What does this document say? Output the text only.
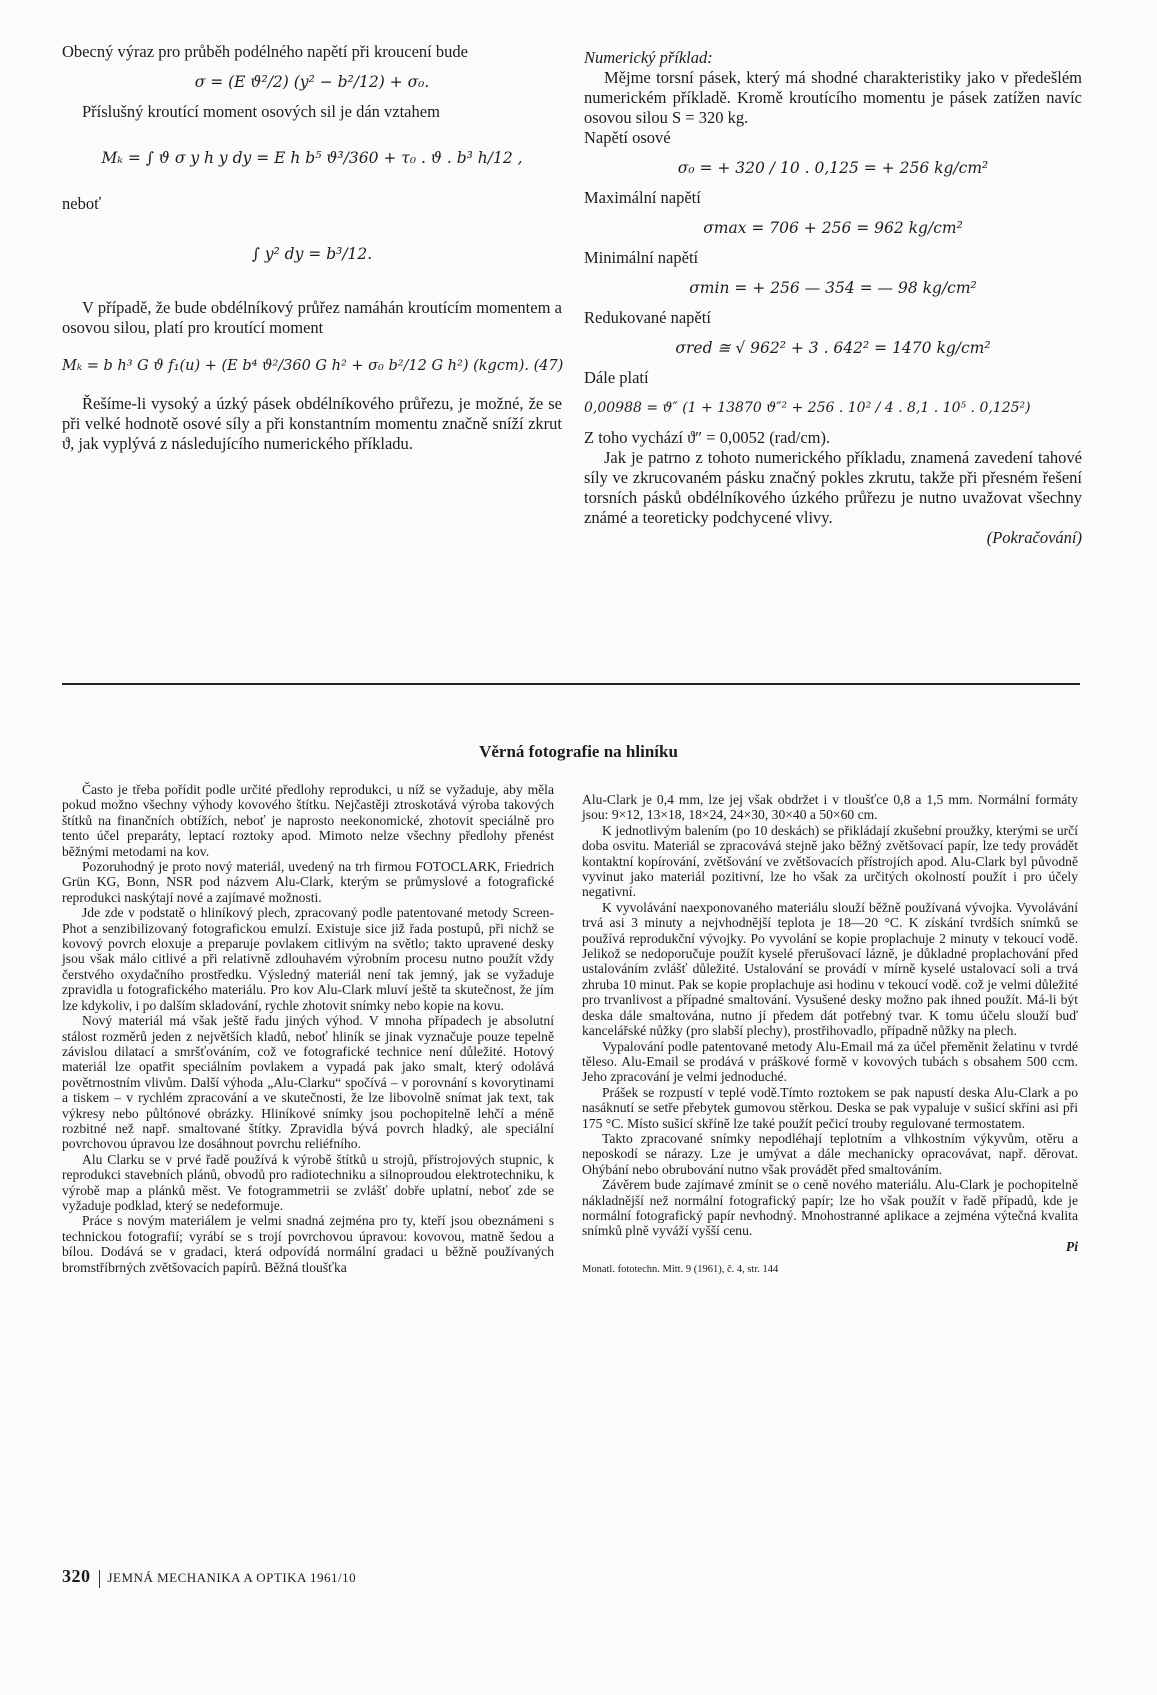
Obecný výraz pro průběh podélného napětí při kroucení bude

σ = (E ϑ²/2) (y² − b²/12) + σ₀.

Příslušný kroutící moment osových sil je dán vztahem

Mₖ = ∫ ϑ σ y h y dy = E h b⁵ ϑ³/360 + τ₀ . ϑ . b³ h/12 ,

neboť

∫ y² dy = b³/12.

V případě, že bude obdélníkový průřez namáhán kroutícím momentem a osovou silou, platí pro kroutící moment

Mₖ = b h³ G ϑ f₁(u) + (E b⁴ ϑ²/360 G h² + σ₀ b²/12 G h²) (kgcm). (47)

Řešíme-li vysoký a úzký pásek obdélníkového průřezu, je možné, že se při velké hodnotě osové síly a při konstantním momentu značně sníží zkrut ϑ, jak vyplývá z následujícího numerického příkladu.

Numerický příklad:

Mějme torsní pásek, který má shodné charakteristiky jako v předešlém numerickém příkladě. Kromě kroutícího momentu je pásek zatížen navíc osovou silou S = 320 kg.

Napětí osové

σ₀ = + 320 / 10 . 0,125 = + 256 kg/cm²

Maximální napětí

σmax = 706 + 256 = 962 kg/cm²

Minimální napětí

σmin = + 256 — 354 = — 98 kg/cm²

Redukované napětí

σred ≅ √ 962² + 3 . 642² = 1470 kg/cm²

Dále platí

0,00988 = ϑ″ (1 + 13870 ϑ″² + 256 . 10² / 4 . 8,1 . 10⁵ . 0,125²)

Z toho vychází ϑ″ = 0,0052 (rad/cm).

Jak je patrno z tohoto numerického příkladu, znamená zavedení tahové síly ve zkrucovaném pásku značný pokles zkrutu, takže při přesném řešení torsních pásků obdélníkového úzkého průřezu je nutno uvažovat všechny známé a teoreticky podchycené vlivy.

(Pokračování)

Věrná fotografie na hliníku

Často je třeba pořídit podle určité předlohy reprodukci, u níž se vyžaduje, aby měla pokud možno všechny výhody kovového štítku. Nejčastěji ztroskotává výroba takových štítků na finančních obtížích, neboť je naprosto neekonomické, zhotovit speciálně pro tento účel preparáty, leptací roztoky apod. Mimoto nelze všechny předlohy přenést běžnými metodami na kov.

Pozoruhodný je proto nový materiál, uvedený na trh firmou FOTOCLARK, Friedrich Grün KG, Bonn, NSR pod názvem Alu-Clark, kterým se průmyslové a fotografické reprodukci naskýtají nové a zajímavé možnosti.

Jde zde v podstatě o hliníkový plech, zpracovaný podle patentované metody Screen-Phot a senzibilizovaný fotografickou emulzí. Existuje sice již řada postupů, při nichž se kovový povrch eloxuje a preparuje povlakem citlivým na světlo; takto upravené desky jsou však málo citlivé a při relativně zdlouhavém výrobním procesu nutno použít vždy čerstvého oxydačního prostředku. Výsledný materiál není tak jemný, jak se vyžaduje zpravidla u fotografického materiálu. Pro kov Alu-Clark mluví ještě ta skutečnost, že jím lze kdykoliv, i po dalším skladování, rychle zhotovit snímky nebo kopie na kovu.

Nový materiál má však ještě řadu jiných výhod. V mnoha případech je absolutní stálost rozměrů jeden z největších kladů, neboť hliník se jinak vyznačuje pouze tepelně závislou dilatací a smršťováním, což ve fotografické technice není důležité. Hotový materiál lze opatřit speciálním povlakem a vypadá pak jako smalt, který odolává povětrnostním vlivům. Další výhoda „Alu-Clarku“ spočívá – v porovnání s kovorytinami a tiskem – v rychlém zpracování a ve skutečnosti, že lze libovolně snímat jak text, tak výkresy nebo půltónové obrázky. Hliníkové snímky jsou pochopitelně lehčí a méně rozbitné než např. smaltované štítky. Zpravidla bývá povrch hladký, ale speciální povrchovou úpravou lze dosáhnout povrchu reliéfního.

Alu Clarku se v prvé řadě používá k výrobě štítků u strojů, přístrojových stupnic, k reprodukci stavebních plánů, obvodů pro radiotechniku a silnoproudou elektrotechniku, k výrobě map a plánků měst. Ve fotogrammetrii se zvlášť dobře uplatní, neboť zde se vyžaduje podklad, který se nedeformuje.

Práce s novým materiálem je velmi snadná zejména pro ty, kteří jsou obeznámeni s technickou fotografií; vyrábí se s trojí povrchovou úpravou: kovovou, matně šedou a bílou. Dodává se v gradaci, která odpovídá normální gradaci u běžně používaných bromstříbrných zvětšovacích papírů. Běžná tloušťka

Alu-Clark je 0,4 mm, lze jej však obdržet i v tloušťce 0,8 a 1,5 mm. Normální formáty jsou: 9×12, 13×18, 18×24, 24×30, 30×40 a 50×60 cm.

K jednotlivým balením (po 10 deskách) se přikládají zkušební proužky, kterými se určí doba osvitu. Materiál se zpracovává stejně jako běžný zvětšovací papír, lze tedy provádět kontaktní kopírování, zvětšování ve zvětšovacích přístrojích apod. Alu-Clark byl původně vyvinut jako materiál pozitivní, lze ho však za určitých okolností použít i pro účely negativní.

K vyvolávání naexponovaného materiálu slouží běžně používaná vývojka. Vyvolávání trvá asi 3 minuty a nejvhodnější teplota je 18—20 °C. K získání tvrdších snímků se používá reprodukční vývojky. Po vyvolání se kopie proplachuje 2 minuty v tekoucí vodě. Jelikož se nedoporučuje použít kyselé přerušovací lázně, je důkladné proplachování před ustalováním zvlášť důležité. Ustalování se provádí v mírně kyselé ustalovací soli a trvá zhruba 10 minut. Pak se kopie proplachuje asi hodinu v tekoucí vodě. což je velmi důležité pro trvanlivost a případné smaltování. Vysušené desky možno pak ihned použít. Má-li být deska dále smaltována, nutno jí předem dát potřebný tvar. K tomu účelu slouží buď kancelářské nůžky (pro slabší plechy), prostřihovadlo, případně nůžky na plech.

Vypalování podle patentované metody Alu-Email má za účel přeměnit želatinu v tvrdé těleso. Alu-Email se prodává v práškové formě v kovových tubách s obsahem 500 ccm. Jeho zpracování je velmi jednoduché.

Prášek se rozpustí v teplé vodě.Tímto roztokem se pak napustí deska Alu-Clark a po nasáknutí se setře přebytek gumovou stěrkou. Deska se pak vypaluje v sušicí skříni asi při 175 °C. Místo sušicí skříně lze také použít pečicí trouby regulované termostatem.

Takto zpracované snímky nepodléhají teplotním a vlhkostním výkyvům, otěru a neposkodí se nárazy. Lze je umývat a dále mechanicky opracovávat, např. děrovat. Ohýbání nebo obrubování nutno však provádět před smaltováním.

Závěrem bude zajímavé zmínit se o ceně nového materiálu. Alu-Clark je pochopitelně nákladnější než normální fotografický papír; lze ho však použít v řadě případů, kde je normální fotografický papír nevhodný. Mnohostranné aplikace a zejména výtečná kvalita snímků plně vyváží vyšší cenu.

Pi

Monatl. fototechn. Mitt. 9 (1961), č. 4, str. 144

320 JEMNÁ MECHANIKA A OPTIKA 1961/10
